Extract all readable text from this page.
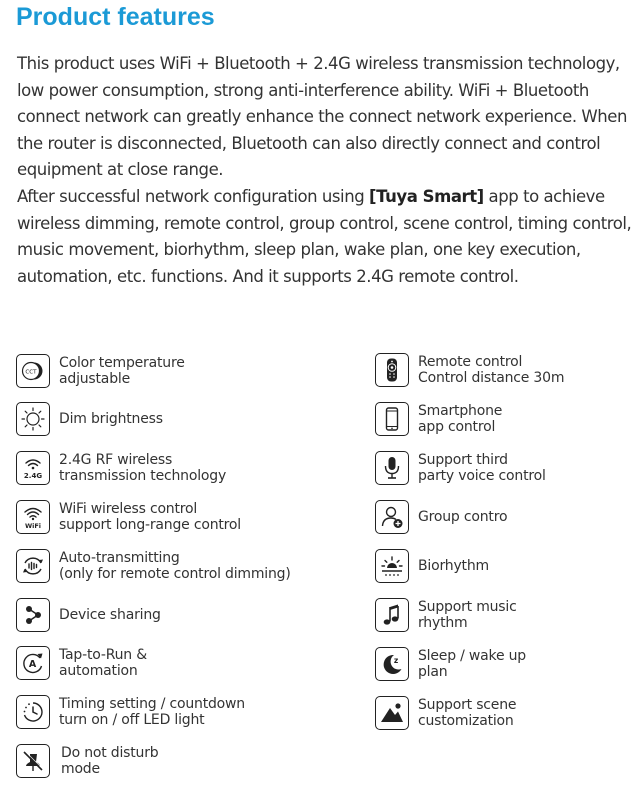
Product features

This product uses WiFi + Bluetooth + 2.4G wireless transmission technology, low power consumption, strong anti-interference ability. WiFi + Bluetooth connect network can greatly enhance the connect network experience. When the router is disconnected, Bluetooth can also directly connect and control equipment at close range.

After successful network configuration using [Tuya Smart] app to achieve wireless dimming, remote control, group control, scene control, timing control, music movement, biorhythm, sleep plan, wake plan, one key execution, automation, etc. functions. And it supports 2.4G remote control.

CCT
Color temperature
adjustable
Dim brightness
2.4G
2.4G RF wireless
transmission technology
WiFi
WiFi wireless control
support long-range control
Auto-transmitting
(only for remote control dimming)
Device sharing
A
Tap-to-Run &
automation
Timing setting / countdown
turn on / off LED light
Do not disturb
mode
Remote control
Control distance 30m
Smartphone
app control
Support third
party voice control
Group contro
Biorhythm
Support music
rhythm
z Sleep / wake up
plan
Support scene
customization
